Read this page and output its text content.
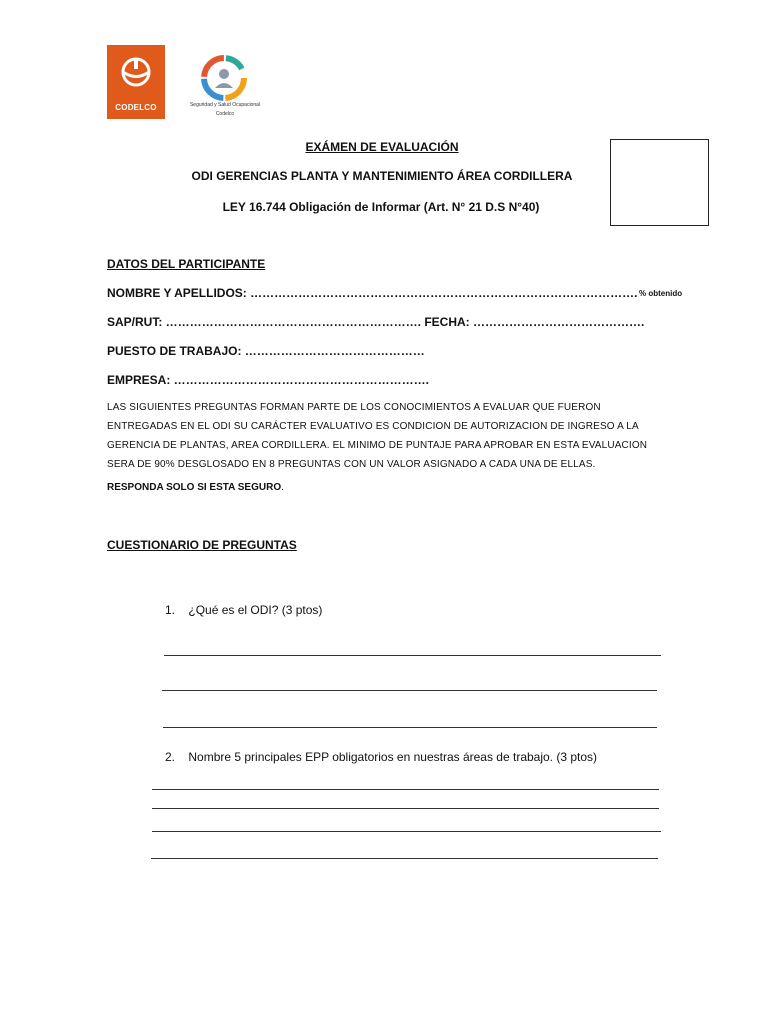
CODELCO	Seguridad y Salud Ocupacional
Codelco
EXÁMEN DE EVALUACIÓN
ODI GERENCIAS PLANTA Y MANTENIMIENTO ÁREA CORDILLERA
LEY 16.744 Obligación de Informar (Art. N° 21 D.S N°40)
% obtenido
DATOS DEL PARTICIPANTE
NOMBRE Y APELLIDOS: …………………………………………………………………………………….
SAP/RUT: ………………………………………………………. FECHA: …………………………………….
PUESTO DE TRABAJO: ………………………………………
EMPRESA: ……………………………………………………….
LAS SIGUIENTES PREGUNTAS FORMAN PARTE DE LOS CONOCIMIENTOS A EVALUAR QUE FUERON ENTREGADAS EN EL ODI SU CARÁCTER EVALUATIVO ES CONDICION DE AUTORIZACION DE INGRESO A LA GERENCIA DE PLANTAS, AREA CORDILLERA. EL MINIMO DE PUNTAJE PARA APROBAR EN ESTA EVALUACION SERA DE 90% DESGLOSADO EN 8 PREGUNTAS CON UN VALOR ASIGNADO A CADA UNA DE ELLAS.
RESPONDA SOLO SI ESTA SEGURO.
CUESTIONARIO DE PREGUNTAS
1. ¿Qué es el ODI? (3 ptos)
2. Nombre 5 principales EPP obligatorios en nuestras áreas de trabajo. (3 ptos)
